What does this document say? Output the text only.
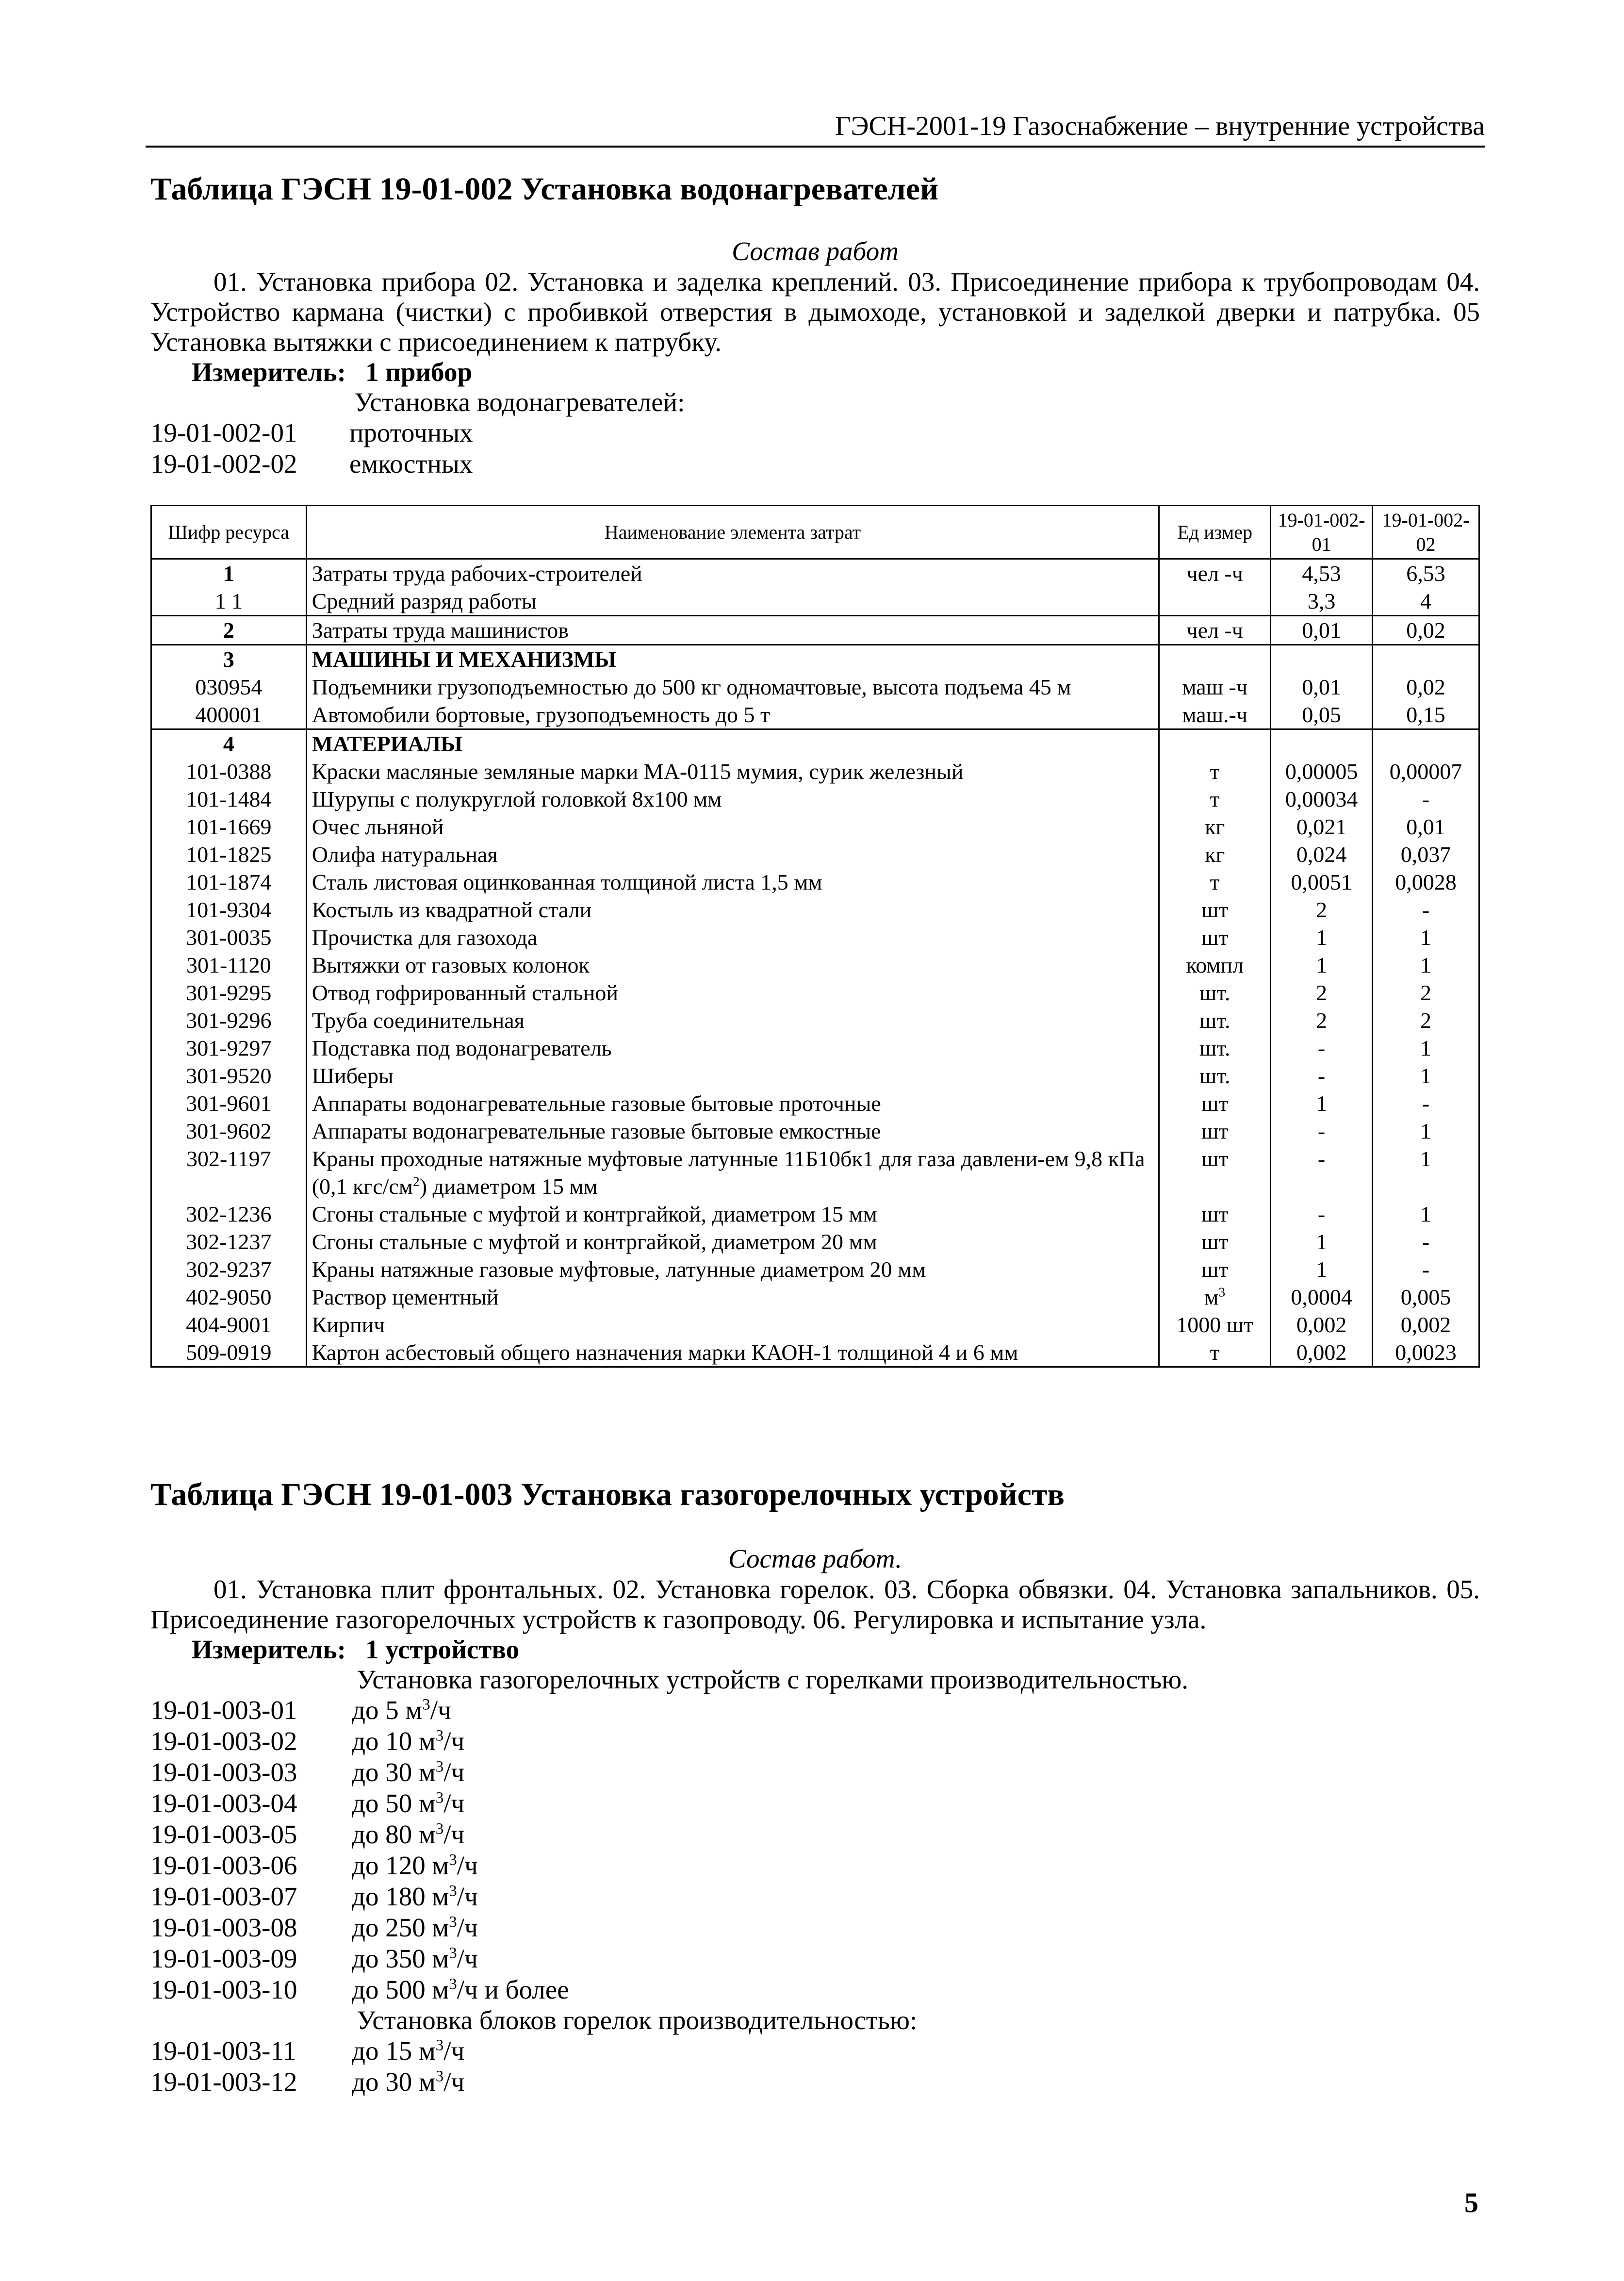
ГЭСН-2001-19 Газоснабжение – внутренние устройства
Таблица ГЭСН 19-01-002 Установка водонагревателей
Состав работ
01. Установка прибора 02. Установка и заделка креплений. 03. Присоединение прибора к трубопроводам 04. Устройство кармана (чистки) с пробивкой отверстия в дымоходе, установкой и заделкой дверки и патрубка. 05 Установка вытяжки с присоединением к патрубку.
Измеритель: 1 прибор
Установка водонагревателей:
19-01-002-01	проточных
19-01-002-02	емкостных
Шифр ресурса	Наименование элемента затрат	Ед измер	19-01-002-01	19-01-002-02
1	Затраты труда рабочих-строителей	чел -ч	4,53	6,53
1 1	Средний разряд работы		3,3	4
2	Затраты труда машинистов	чел -ч	0,01	0,02
3	МАШИНЫ И МЕХАНИЗМЫ			
030954	Подъемники грузоподъемностью до 500 кг одномачтовые, высота подъема 45 м	маш -ч	0,01	0,02
400001	Автомобили бортовые, грузоподъемность до 5 т	маш.-ч	0,05	0,15
4	МАТЕРИАЛЫ			
101-0388	Краски масляные земляные марки МА-0115 мумия, сурик железный	т	0,00005	0,00007
101-1484	Шурупы с полукруглой головкой 8х100 мм	т	0,00034	-
101-1669	Очес льняной	кг	0,021	0,01
101-1825	Олифа натуральная	кг	0,024	0,037
101-1874	Сталь листовая оцинкованная толщиной листа 1,5 мм	т	0,0051	0,0028
101-9304	Костыль из квадратной стали	шт	2	-
301-0035	Прочистка для газохода	шт	1	1
301-1120	Вытяжки от газовых колонок	компл	1	1
301-9295	Отвод гофрированный стальной	шт.	2	2
301-9296	Труба соединительная	шт.	2	2
301-9297	Подставка под водонагреватель	шт.	-	1
301-9520	Шиберы	шт.	-	1
301-9601	Аппараты водонагревательные газовые бытовые проточные	шт	1	-
301-9602	Аппараты водонагревательные газовые бытовые емкостные	шт	-	1
302-1197	Краны проходные натяжные муфтовые латунные 11Б10бк1 для газа давлени-ем 9,8 кПа (0,1 кгс/$см^2$) диаметром 15 мм	шт	-	1
302-1236	Сгоны стальные с муфтой и контргайкой, диаметром 15 мм	шт	-	1
302-1237	Сгоны стальные с муфтой и контргайкой, диаметром 20 мм	шт	1	-
302-9237	Краны натяжные газовые муфтовые, латунные диаметром 20 мм	шт	1	-
402-9050	Раствор цементный	$м^3$	0,0004	0,005
404-9001	Кирпич	1000 шт	0,002	0,002
509-0919	Картон асбестовый общего назначения марки КАОН-1 толщиной 4 и 6 мм	т	0,002	0,0023
Таблица ГЭСН 19-01-003 Установка газогорелочных устройств
Состав работ.
01. Установка плит фронтальных. 02. Установка горелок. 03. Сборка обвязки. 04. Установка запальников. 05. Присоединение газогорелочных устройств к газопроводу. 06. Регулировка и испытание узла.
Измеритель: 1 устройство
Установка газогорелочных устройств с горелками производительностью.
19-01-003-01	до 5 $м^3/ч$
19-01-003-02	до 10 $м^3/ч$
19-01-003-03	до 30 $м^3/ч$
19-01-003-04	до 50 $м^3/ч$
19-01-003-05	до 80 $м^3/ч$
19-01-003-06	до 120 $м^3/ч$
19-01-003-07	до 180 $м^3/ч$
19-01-003-08	до 250 $м^3/ч$
19-01-003-09	до 350 $м^3/ч$
19-01-003-10	до 500 $м^3/ч$ и более
Установка блоков горелок производительностью:
19-01-003-11	до 15 $м^3/ч$
19-01-003-12	до 30 $м^3/ч$
5
